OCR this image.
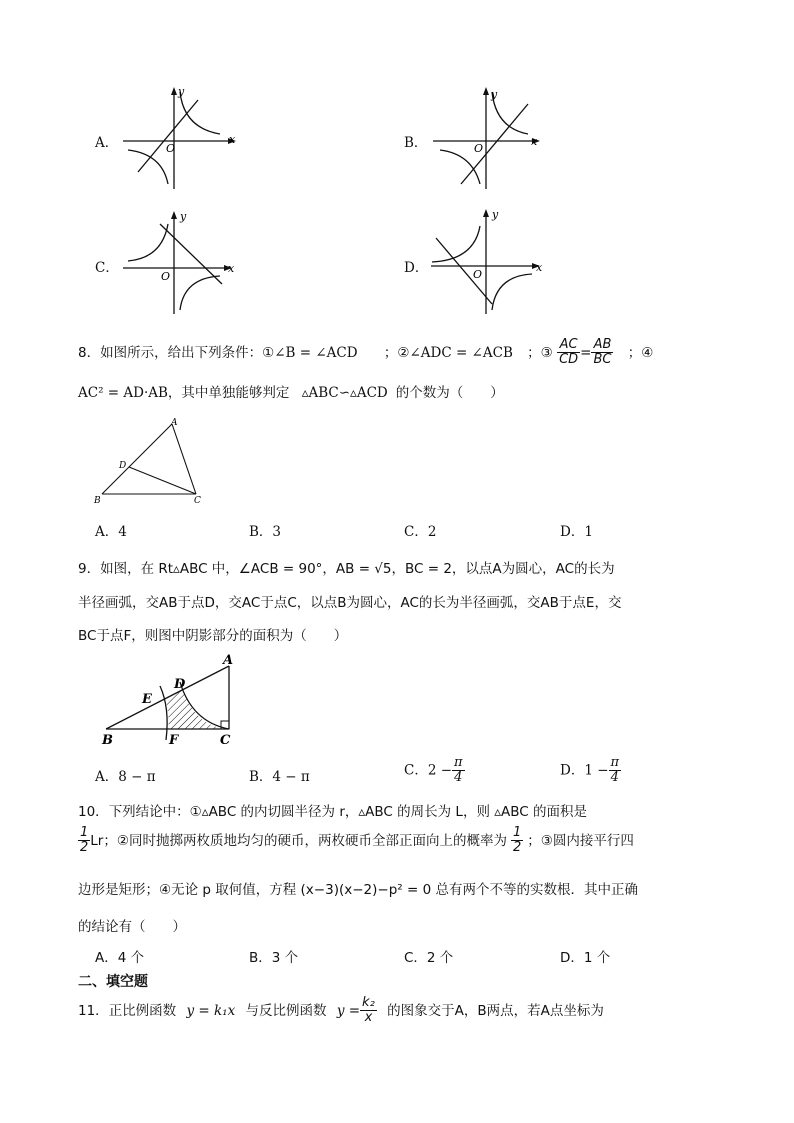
A．	O
x
y
B．	O
x
y
C．
O
x
y
D．	O
x
y
8．如图所示，给出下列条件：①∠B = ∠ACD ；②∠ADC = ∠ACB ；③ $\frac{AC}{CD} = \frac{AB}{BC}$ ；④
AC² = AD·AB，其中单独能够判定 ▵ABC∽▵ACD 的个数为（　　）
A
D
B	C
A．4	B．3	C．2	D．1
9．如图，在 Rt▵ABC 中，∠ACB = 90°，AB = √5，BC = 2，以点A为圆心，AC的长为
半径画弧，交AB于点D，交AC于点C，以点B为圆心，AC的长为半径画弧，交AB于点E，交
BC于点F，则图中阴影部分的面积为（　　）
A
D
E
B	F	C
A．8 − π	B．4 − π	C．$2 - \frac{\pi}{4}$	D．$1 - \frac{\pi}{4}$
10．下列结论中：①▵ABC 的内切圆半径为 r，▵ABC 的周长为 L，则 ▵ABC 的面积是
$\frac{1}{2}$ Lr；②同时抛掷两枚质地均匀的硬币，两枚硬币全部正面向上的概率为 $\frac{1}{2}$ ；③圆内接平行四
边形是矩形；④无论 p 取何值，方程 (x−3)(x−2)−p² = 0 总有两个不等的实数根．其中正确
的结论有（　　）
A．4 个	B．3 个	C．2 个	D．1 个
二、填空题
11．正比例函数 y = k₁x 与反比例函数 $y = \frac{\text{k₂}}{x}$ 的图象交于A，B两点，若A点坐标为
